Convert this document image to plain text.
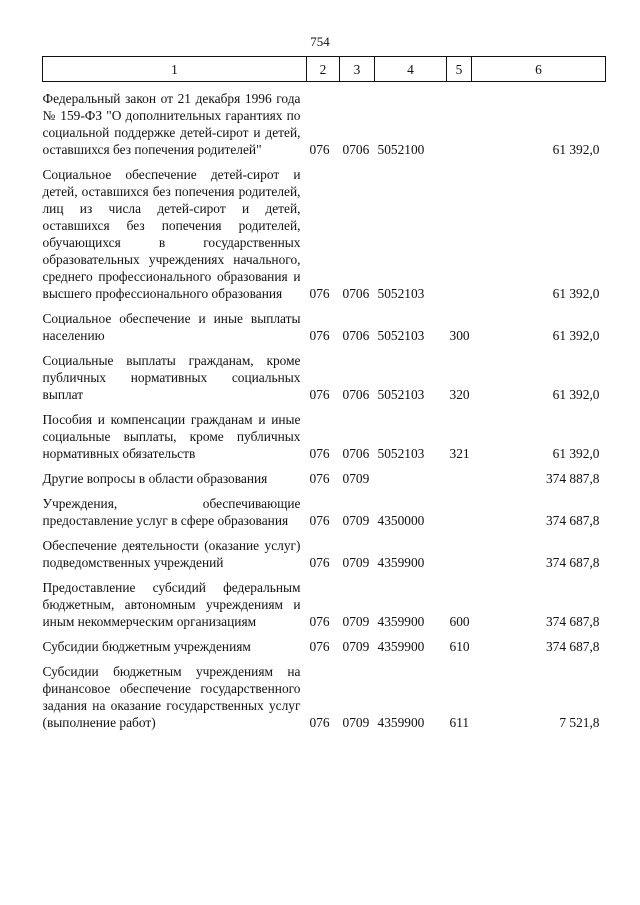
754
1	2	3	4	5	6
Федеральный закон от 21 декабря 1996 года № 159-ФЗ "О дополнительных гарантиях по социальной поддержке детей-сирот и детей, оставшихся без попечения родителей"	076	0706	5052100		61 392,0
Социальное обеспечение детей-сирот и детей, оставшихся без попечения родителей, лиц из числа детей-сирот и детей, оставшихся без попечения родителей, обучающихся в государственных образовательных учреждениях начального, среднего профессионального образования и высшего профессионального образования	076	0706	5052103		61 392,0
Социальное обеспечение и иные выплаты населению	076	0706	5052103	300	61 392,0
Социальные выплаты гражданам, кроме публичных нормативных социальных выплат	076	0706	5052103	320	61 392,0
Пособия и компенсации гражданам и иные социальные выплаты, кроме публичных нормативных обязательств	076	0706	5052103	321	61 392,0
Другие вопросы в области образования	076	0709			374 887,8
Учреждения, обеспечивающие предоставление услуг в сфере образования	076	0709	4350000		374 687,8
Обеспечение деятельности (оказание услуг) подведомственных учреждений	076	0709	4359900		374 687,8
Предоставление субсидий федеральным бюджетным, автономным учреждениям и иным некоммерческим организациям	076	0709	4359900	600	374 687,8
Субсидии бюджетным учреждениям	076	0709	4359900	610	374 687,8
Субсидии бюджетным учреждениям на финансовое обеспечение государственного задания на оказание государственных услуг (выполнение работ)	076	0709	4359900	611	7 521,8
